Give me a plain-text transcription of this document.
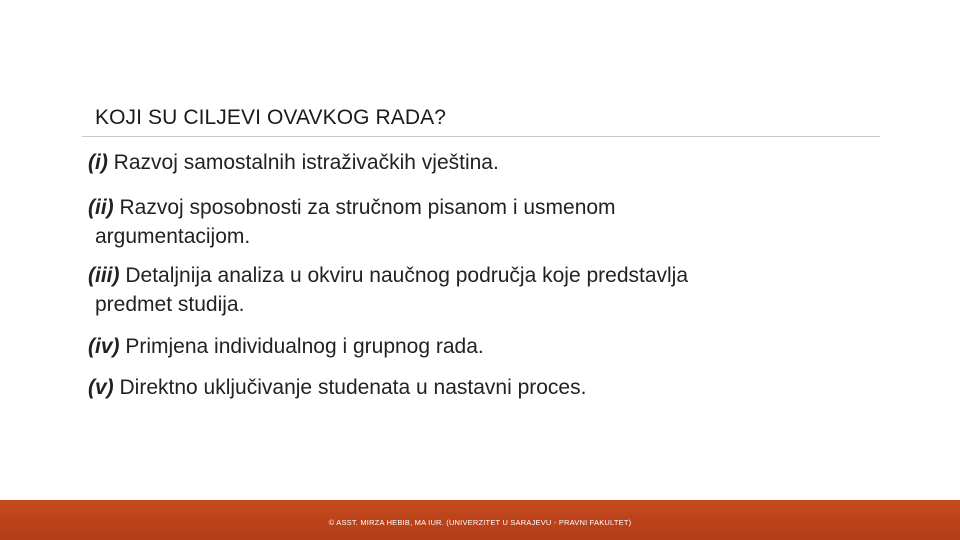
KOJI SU CILJEVI OVAVKOG RADA?
(i) Razvoj samostalnih istraživačkih vještina.
(ii) Razvoj sposobnosti za stručnom pisanom i usmenom
argumentacijom.
(iii) Detaljnija analiza u okviru naučnog područja koje predstavlja
predmet studija.
(iv) Primjena individualnog i grupnog rada.
(v) Direktno uključivanje studenata u nastavni proces.
© ASST. MIRZA HEBIB, MA IUR. (UNIVERZITET U SARAJEVU - PRAVNI FAKULTET)
